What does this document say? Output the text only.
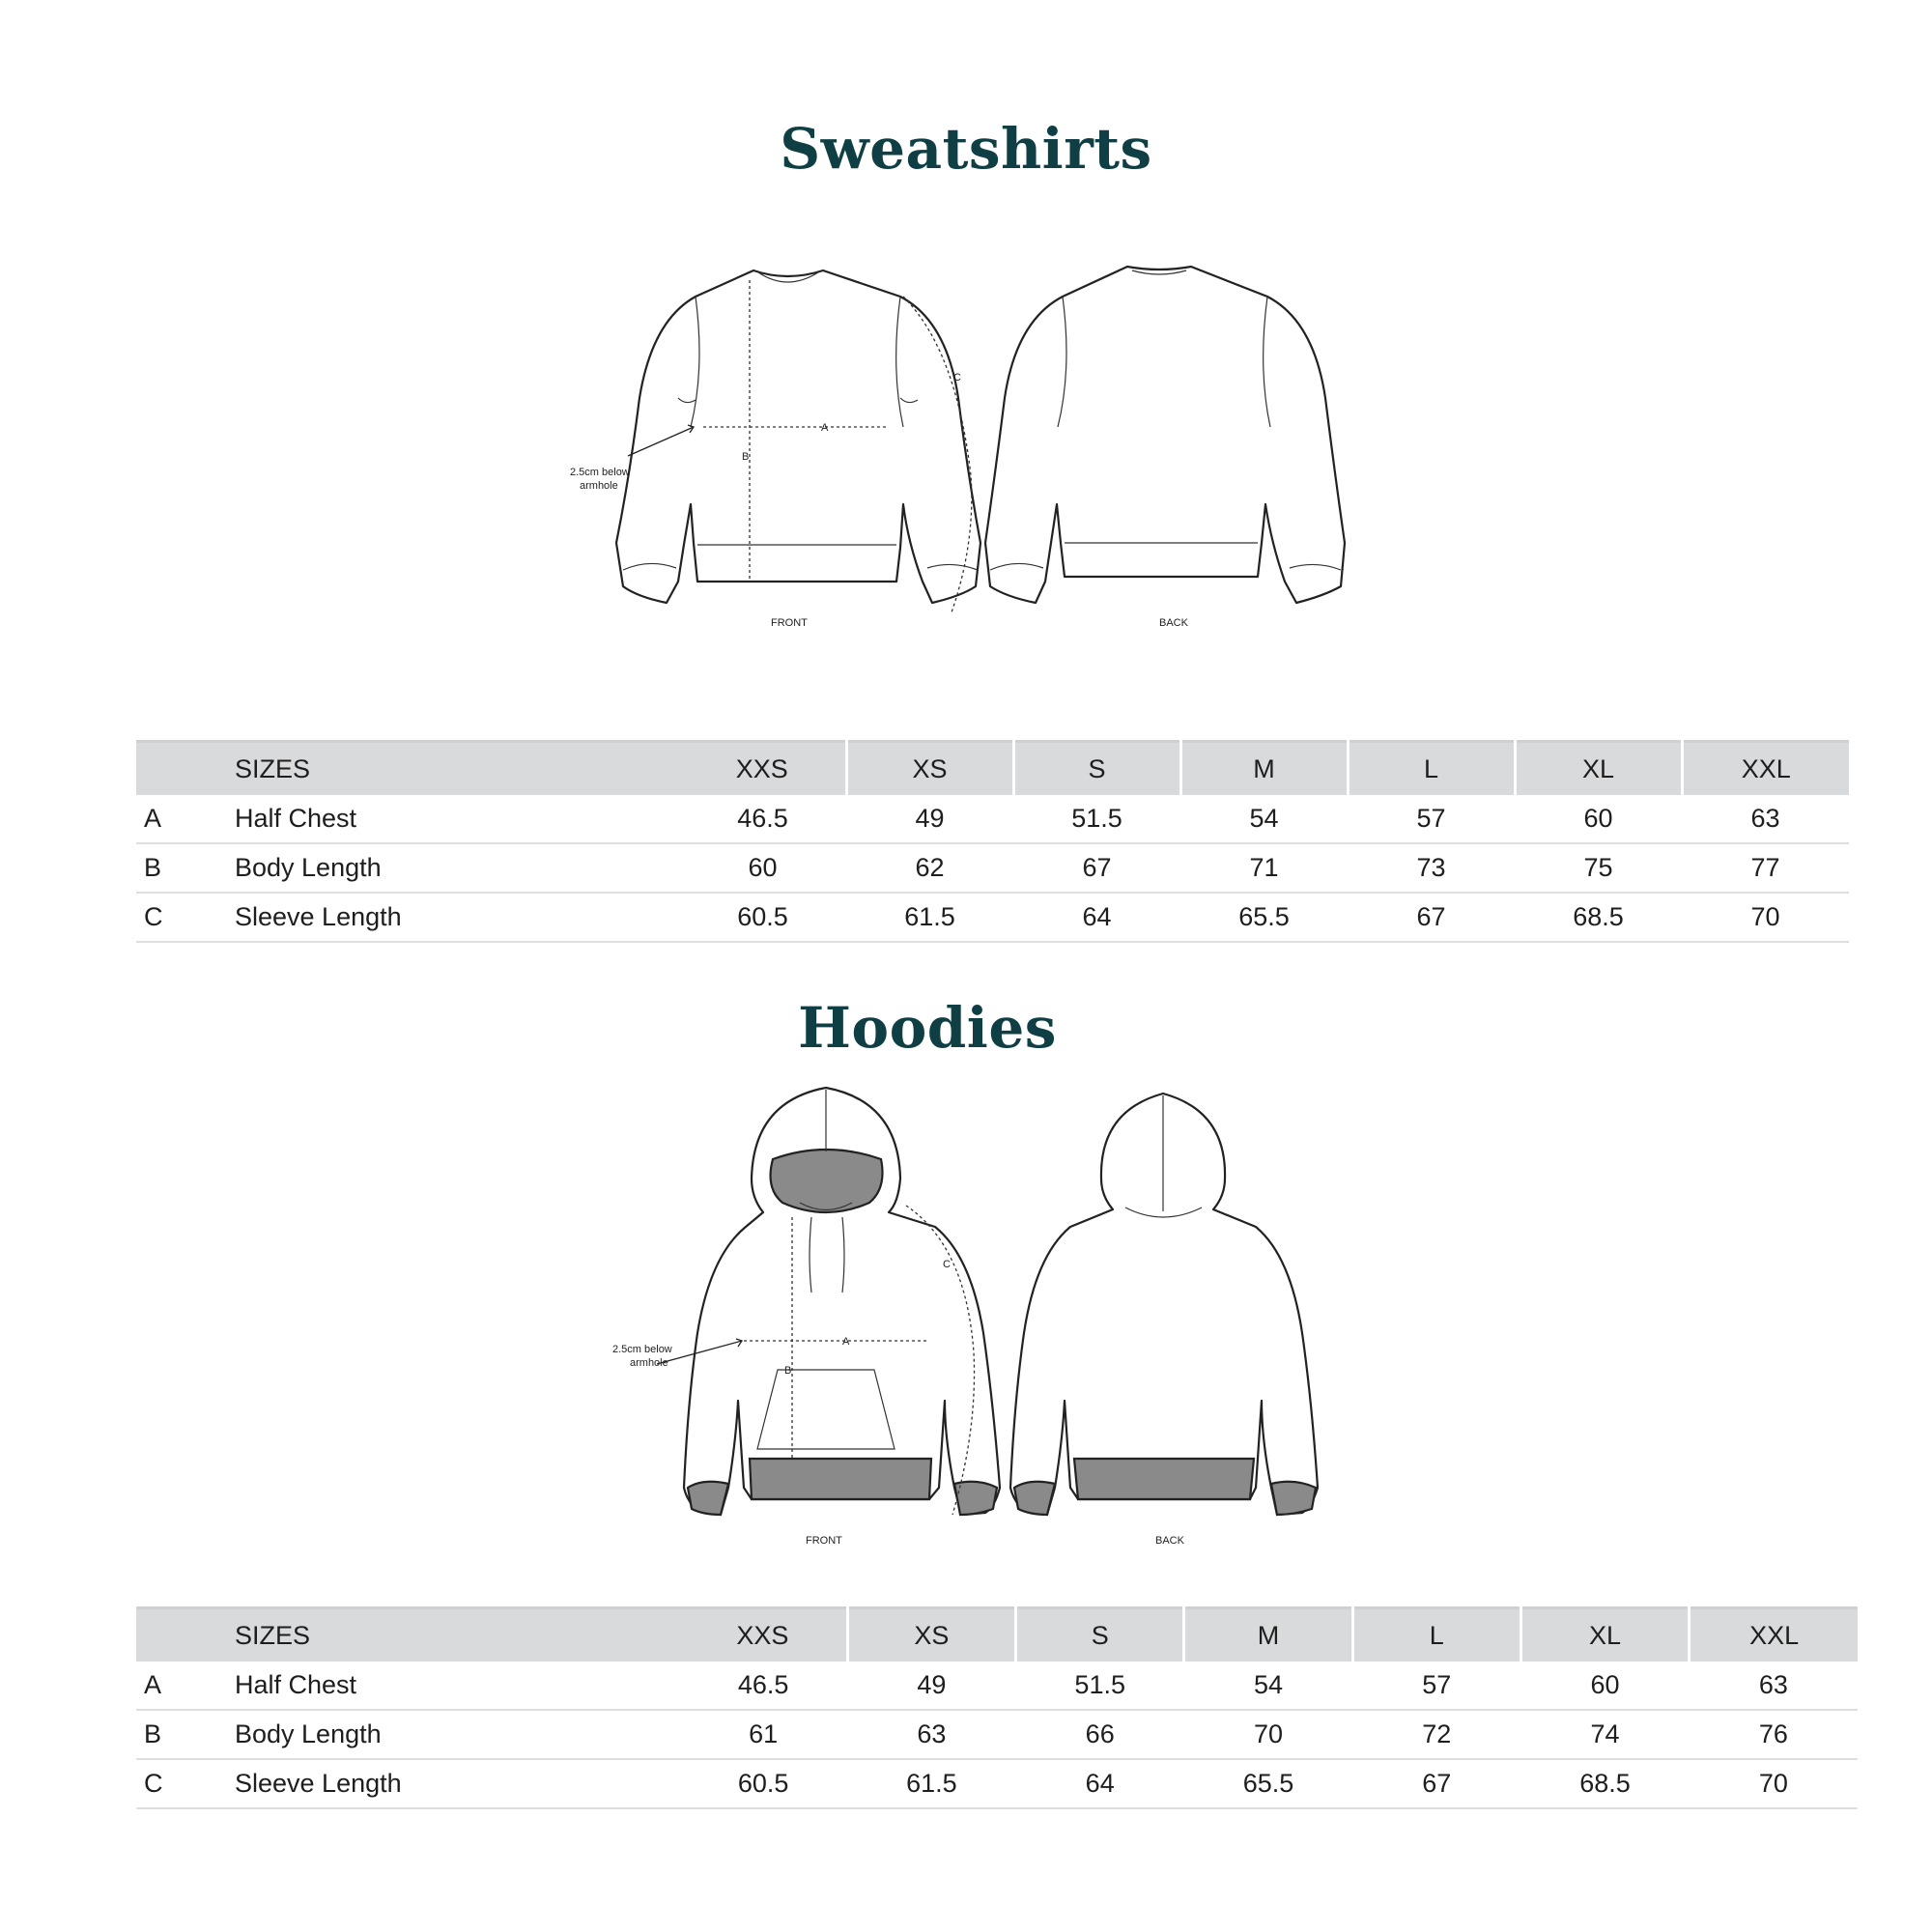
Sweatshirts
A
B
C
2.5cm below
armhole
FRONT	BACK
	SIZES	XXS	XS	S	M	L	XL	XXL
A	Half Chest	46.5	49	51.5	54	57	60	63
B	Body Length	60	62	67	71	73	75	77
C	Sleeve Length	60.5	61.5	64	65.5	67	68.5	70
Hoodies
A
B
C
2.5cm below
armhole
FRONT	BACK
	SIZES	XXS	XS	S	M	L	XL	XXL
A	Half Chest	46.5	49	51.5	54	57	60	63
B	Body Length	61	63	66	70	72	74	76
C	Sleeve Length	60.5	61.5	64	65.5	67	68.5	70
